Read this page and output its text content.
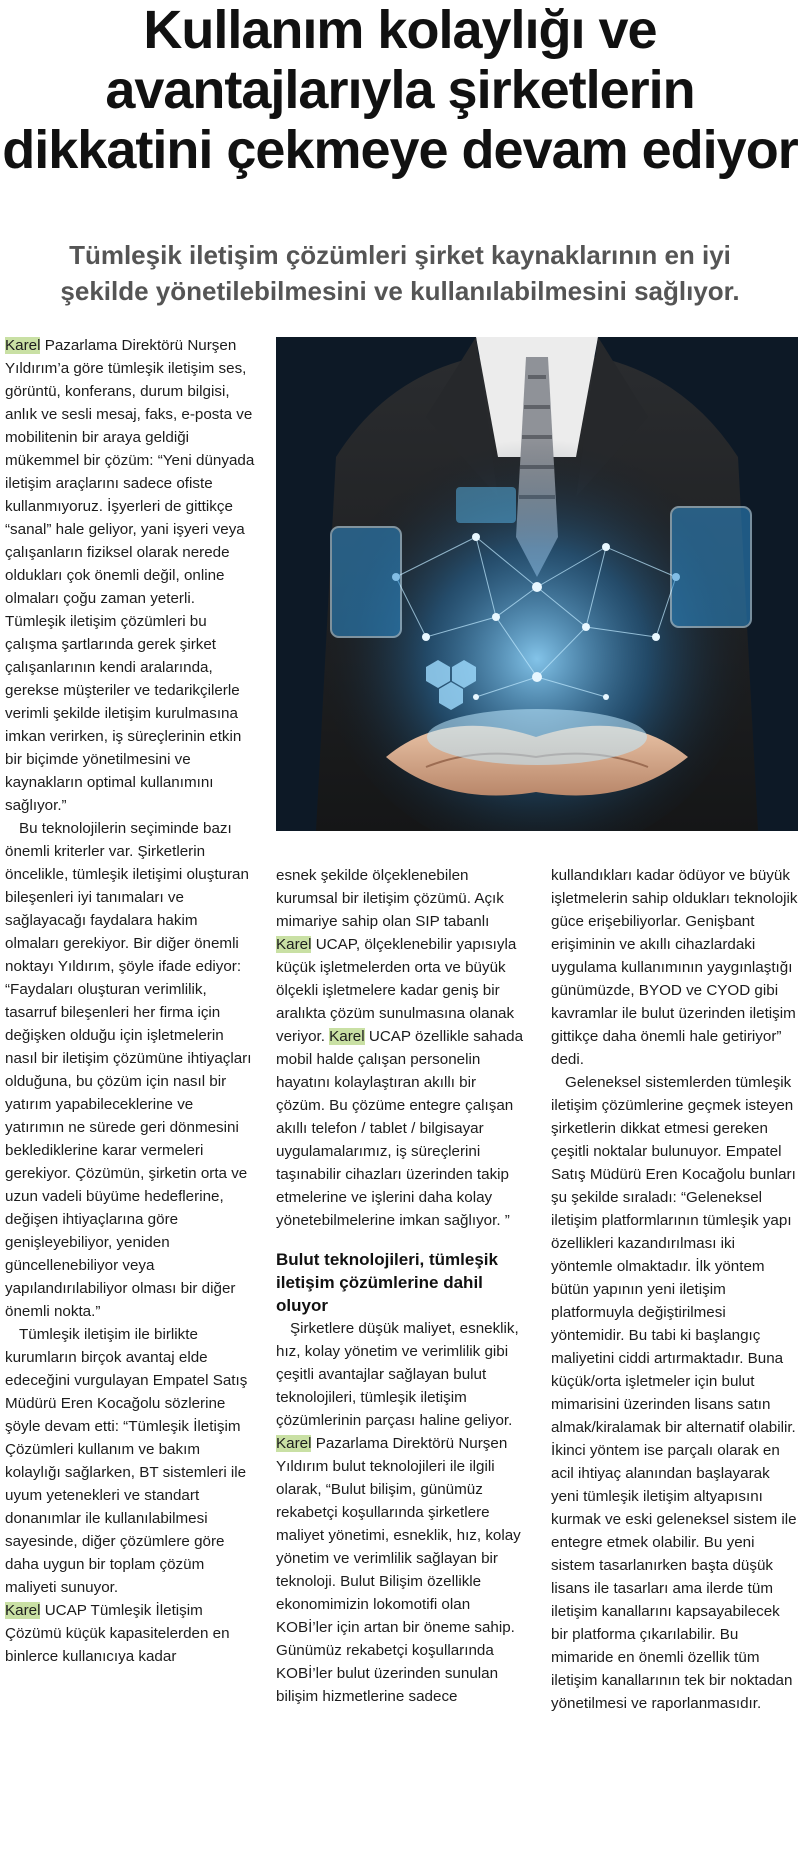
Kullanım kolaylığı ve
avantajlarıyla şirketlerin
dikkatini çekmeye devam ediyor
Tümleşik iletişim çözümleri şirket kaynaklarının en iyi
şekilde yönetilebilmesini ve kullanılabilmesini sağlıyor.

Karel Pazarlama Direktörü Nurşen Yıldırım’a göre tümleşik iletişim ses, görüntü, konferans, durum bilgisi, anlık ve sesli mesaj, faks, e-posta ve mobilitenin bir araya geldiği mükemmel bir çözüm: “Yeni dünyada iletişim araçlarını sadece ofiste kullanmıyoruz. İşyerleri de gittikçe “sanal” hale geliyor, yani işyeri veya çalışanların fiziksel olarak nerede oldukları çok önemli değil, online olmaları çoğu zaman yeterli. Tümleşik iletişim çözümleri bu çalışma şartlarında gerek şirket çalışanlarının kendi aralarında, gerekse müşteriler ve tedarikçilerle verimli şekilde iletişim kurulmasına imkan verirken, iş süreçlerinin etkin bir biçimde yönetilmesini ve kaynakların optimal kullanımını sağlıyor.”

Bu teknolojilerin seçiminde bazı önemli kriterler var. Şirketlerin öncelikle, tümleşik iletişimi oluşturan bileşenleri iyi tanımaları ve sağlayacağı faydalara hakim olmaları gerekiyor. Bir diğer önemli noktayı Yıldırım, şöyle ifade ediyor: “Faydaları oluşturan verimlilik, tasarruf bileşenleri her firma için değişken olduğu için işletmelerin nasıl bir iletişim çözümüne ihtiyaçları olduğuna, bu çözüm için nasıl bir yatırım yapabileceklerine ve yatırımın ne sürede geri dönmesini beklediklerine karar vermeleri gerekiyor. Çözümün, şirketin orta ve uzun vadeli büyüme hedeflerine, değişen ihtiyaçlarına göre genişleyebiliyor, yeniden güncellenebiliyor veya yapılandırılabiliyor olması bir diğer önemli nokta.”

Tümleşik iletişim ile birlikte kurumların birçok avantaj elde edeceğini vurgulayan Empatel Satış Müdürü Eren Kocağolu sözlerine şöyle devam etti: “Tümleşik İletişim Çözümleri kullanım ve bakım kolaylığı sağlarken, BT sistemleri ile uyum yetenekleri ve standart donanımlar ile kullanılabilmesi sayesinde, diğer çözümlere göre daha uygun bir toplam çözüm maliyeti sunuyor.

Karel UCAP Tümleşik İletişim Çözümü küçük kapasitelerden en binlerce kullanıcıya kadar

esnek şekilde ölçeklenebilen kurumsal bir iletişim çözümü. Açık mimariye sahip olan SIP tabanlı Karel UCAP, ölçeklenebilir yapısıyla küçük işletmelerden orta ve büyük ölçekli işletmelere kadar geniş bir aralıkta çözüm sunulmasına olanak veriyor. Karel UCAP özellikle sahada mobil halde çalışan personelin hayatını kolaylaştıran akıllı bir çözüm. Bu çözüme entegre çalışan akıllı telefon / tablet / bilgisayar uygulamalarımız, iş süreçlerini taşınabilir cihazları üzerinden takip etmelerine ve işlerini daha kolay yönetebilmelerine imkan sağlıyor. ”

Bulut teknolojileri, tümleşik iletişim çözümlerine dahil oluyor

Şirketlere düşük maliyet, esneklik, hız, kolay yönetim ve verimlilik gibi çeşitli avantajlar sağlayan bulut teknolojileri, tümleşik iletişim çözümlerinin parçası haline geliyor. Karel Pazarlama Direktörü Nurşen Yıldırım bulut teknolojileri ile ilgili olarak, “Bulut bilişim, günümüz rekabetçi koşullarında şirketlere maliyet yönetimi, esneklik, hız, kolay yönetim ve verimlilik sağlayan bir teknoloji. Bulut Bilişim özellikle ekonomimizin lokomotifi olan KOBİ’ler için artan bir öneme sahip. Günümüz rekabetçi koşullarında KOBİ’ler bulut üzerinden sunulan bilişim hizmetlerine sadece

kullandıkları kadar ödüyor ve büyük işletmelerin sahip oldukları teknolojik güce erişebiliyorlar. Genişbant erişiminin ve akıllı cihazlardaki uygulama kullanımının yaygınlaştığı günümüzde, BYOD ve CYOD gibi kavramlar ile bulut üzerinden iletişim gittikçe daha önemli hale getiriyor” dedi.

Geleneksel sistemlerden tümleşik iletişim çözümlerine geçmek isteyen şirketlerin dikkat etmesi gereken çeşitli noktalar bulunuyor. Empatel Satış Müdürü Eren Kocağolu bunları şu şekilde sıraladı: “Geleneksel iletişim platformlarının tümleşik yapı özellikleri kazandırılması iki yöntemle olmaktadır. İlk yöntem bütün yapının yeni iletişim platformuyla değiştirilmesi yöntemidir. Bu tabi ki başlangıç maliyetini ciddi artırmaktadır. Buna küçük/orta işletmeler için bulut mimarisini üzerinden lisans satın almak/kiralamak bir alternatif olabilir. İkinci yöntem ise parçalı olarak en acil ihtiyaç alanından başlayarak yeni tümleşik iletişim altyapısını kurmak ve eski geleneksel sistem ile entegre etmek olabilir. Bu yeni sistem tasarlanırken başta düşük lisans ile tasarları ama ilerde tüm iletişim kanallarını kapsayabilecek bir platforma çıkarılabilir. Bu mimaride en önemli özellik tüm iletişim kanallarının tek bir noktadan yönetilmesi ve raporlanmasıdır.
